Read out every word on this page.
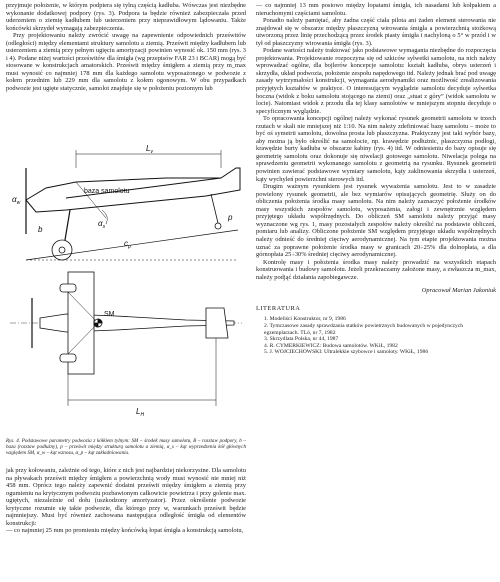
przyjmuje położenie, w którym podpiera się tylną częścią kadłuba. Wówczas jest niezbędne wykonanie dodatkowej podpory (rys. 3). Podpora ta będzie również zabezpieczała przed uderzeniem o ziemię kadłubem lub usterzeniem przy nieprawidłowym lądowaniu. Także końcówki skrzydeł wymagają zabezpieczenia.

Przy projektowaniu należy zwrócić uwagę na zapewnienie odpowiednich prześwitów (odległości) między elementami struktury samolotu a ziemią. Prześwit między kadłubem lub usterzeniem a ziemią przy pełnym ugięciu amortyzacji powinien wynosić ok. 150 mm (rys. 3 i 4). Podane niżej wartości prześwitów dla śmigła (wg przepisów FAR 23 i BCAR) mogą być stosowane w konstrukcjach amatorskich. Prześwit między śmigłem a ziemią przy m_max musi wynosić co najmniej 178 mm dla każdego samolotu wyposażonego w podwozie z kołem przednim lub 229 mm dla samolotu z kołem ogonowym. W obu przypadkach podwozie jest ugięte statycznie, samolot znajduje się w położeniu poziomym lub

$L_v$
baza samolotu
$\alpha_w$
$\alpha_s$
$c_p$
b
p
SM
$L_H$
Rys. 4. Podstawowe parametry podwozia z kółkiem tylnym: SM – środek masy samolotu, B – rozstaw podpory, b – baza (rozstaw podłużny), p – prześwit między strukturą samolotu a ziemią, α_s – kąt wyprzedzenia kół głównych względem SM, α_w – kąt wznosu, α_p – kąt zakładniowania.

jak przy kołowaniu, zależnie od tego, które z nich jest najbardziej niekorzystne. Dla samolotu na pływakach prześwit między śmigłem a powierzchnią wody musi wynosić nie mniej niż 458 mm. Oprócz tego należy zapewnić dodatni prześwit między śmigłem a ziemią przy ogumieniu na krytycznym podwoziu pozbawionym całkowicie powietrza i przy golenie max. ugiętych, niezależnie od dołu (uszkodzony amortyzator). Przez określenie podwozie krytyczne rozumie się takie podwozie, dla którego przy w, warunkach prześwit będzie najmniejszy. Musi być również zachowana następująca odległość śmigła od elementów konstrukcji:

— co najmniej 25 mm po promieniu między końcówką łopat śmigła a konstrukcją samolotu,

— co najmniej 13 mm posiowo między łopatami śmigła, ich nasadami lub kołpakiem a nieruchomymi częściami samolotu.

Ponadto należy pamiętać, aby żadna część ciała pilota ani żaden element sterowania nie znajdował się w obszarze między płaszczyzną wirowania śmigła a powierzchnią stożkową utworzoną przez linię przechodzącą przez środek piasty śmigła i nachyloną o 5° w przód i w tył od płaszczyzny wirowania śmigła (rys. 3).

Podane wartości należy traktować jako podstawowe wymagania niezbędne do rozpoczęcia projektowania. Projektowanie rozpoczyna się od szkiców sylwetki samolotu, na nich należy wprowadzać ogólne, dla bojlerów koncepcje samolotu: kształt kadłuba, obrys usterzeń i skrzydła, układ podwozia, położenie zespołu napędowego itd. Należy jednak brać pod uwagę zasady wytrzymałości konstrukcji, wymagania aerodynamiki oraz możliwość zrealizowania przyjętych kształtów w praktyce. O interesującym wyglądzie samolotu decyduje sylwetka boczna (widok z boku samolotu stojącego na ziemi) oraz „stuat z góry” (widok samolotu w locie). Natomiast widok z przodu dla tej klasy samolotów w mniejszym stopniu decyduje o specyficznym wyglądzie.

To opracowania koncepcji ogólnej należy wykonać rysunek geometrii samolotu w trzech rzutach w skali nie mniejszej niż 1:10. Na nim należy zdefiniować bazę samolotu – może to być oś symetrii samolotu, dowolna prosta lub płaszczyzna. Praktyczny jest taki wybór bazy, aby można ją było określić na samolocie, np. krawędzie podłużnic, płaszczyzna podłogi, krawędzie burty kadłuba w obszarze kabiny (rys. 4) itd. W odniesieniu do bazy opisuje się geometrię samolotu oraz dokonuje się niwelacji gotowego samolotu. Niwelacja polega na sprawdzeniu geometrii wykonanego samolotu z geometrią na rysunku. Rysunek geometrii powinien zawierać podstawowe wymiary samolotu, kąty zaklinowania skrzydła i usterzeń, kąty wychyleń powierzchni sterowych itd.

Drugim ważnym rysunkiem jest rysunek wyważenia samolotu. Jest to w zasadzie powielony rysunek geometrii, ale bez wymiarów opisujących geometrię. Służy on do obliczenia położenia środka masy samolotu. Na nim należy zaznaczyć położenie środków masy wszystkich zespołów samolotu, wyposażenia, załogi i zewnętrznie względem przyjętego układu współrzędnych. Do obliczeń SM samolotu należy przyjąć masy wyznaczone wg rys. 1, masy pozostałych zespołów należy określić na podstawie obliczeń, pomiaru lub analizy. Obliczone położenie SM względem przyjętego układu współrzędnych należy odnieść do średniej cięciwy aerodynamicznej. Na tym etapie projektowania można uznać za poprawne położenie środka masy w granicach 20÷25% dla dolnopłata, a dla górnopłata 25÷30% średniej cięciwy aerodynamicznej.

Kontrolę masy i położenia środka masy należy prowadzić na wszystkich etapach konstruowania i budowy samolotu. Jeżeli przekraczamy założone masy, a zwłaszcza m_max, należy podjąć działania zapobiegawcze.

Opracował Marian Jakoniuk

LITERATURA

1. Modeliści Konstruktor, nr 9, 1986
2. Tymczasowe zasady sprawdzania statków powietrznych budowanych w pojedynczych egzemplarzach. TLó, nr 7, 1982
3. Skrzydlata Polska, nr 44, 1987
4. R. CYMERKIEWICZ: Budowa samolotów. WKiŁ, 1982
5. J. WOJCIECHOWSKI: Ultralekkie szybowce i samoloty. WKiŁ, 1986
